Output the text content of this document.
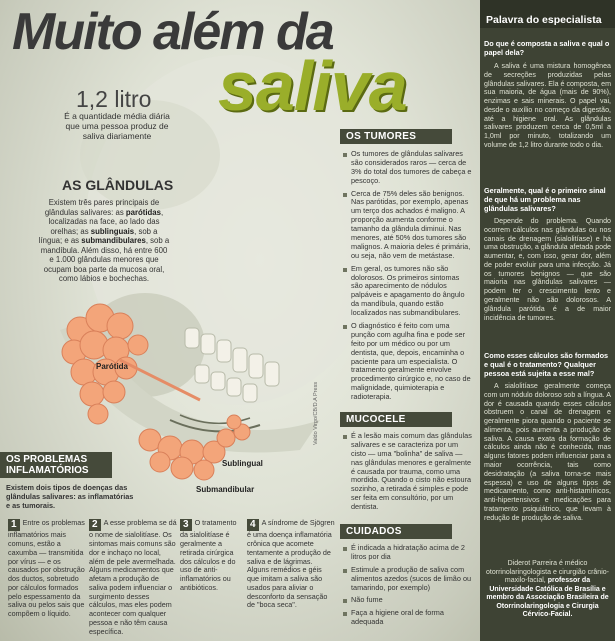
Muito além da
saliva
1,2 litro
É a quantidade média diária que uma pessoa produz de saliva diariamente
AS GLÂNDULAS
Existem três pares principais de glândulas salivares: as parótidas, localizadas na face, ao lado das orelhas; as sublinguais, sob a língua; e as submandibulares, sob a mandíbula. Além disso, há entre 600 e 1.000 glândulas menores que ocupam boa parte da mucosa oral, como lábios e bochechas.
Parótida
Sublingual
Submandibular
Valdo Virgo/CB/D.A Press
OS TUMORES
Os tumores de glândulas salivares são considerados raros — cerca de 3% do total dos tumores de cabeça e pescoço.
Cerca de 75% deles são benignos. Nas parótidas, por exemplo, apenas um terço dos achados é maligno. A proporção aumenta conforme o tamanho da glândula diminui. Nas menores, até 50% dos tumores são malignos. A maioria deles é primária, ou seja, não vem de metástase.
Em geral, os tumores não são dolorosos. Os primeiros sintomas são aparecimento de nódulos palpáveis e apagamento do ângulo da mandíbula, quando estão localizados nas submandibulares.
O diagnóstico é feito com uma punção com agulha fina e pode ser feito por um médico ou por um dentista, que, depois, encaminha o paciente para um especialista. O tratamento geralmente envolve procedimento cirúrgico e, no caso de malignidade, quimioterapia e radioterapia.
MUCOCELE
É a lesão mais comum das glândulas salivares e se caracteriza por um cisto — uma "bolinha" de saliva — nas glândulas menores e geralmente é causada por trauma, como uma mordida. Quando o cisto não estoura sozinho, a retirada é simples e pode ser feita em consultório, por um dentista.
CUIDADOS
É indicada a hidratação acima de 2 litros por dia
Estimule a produção de saliva com alimentos azedos (sucos de limão ou tamarindo, por exemplo)
Não fume
Faça a higiene oral de forma adequada
OS PROBLEMAS INFLAMATÓRIOS
Existem dois tipos de doenças das glândulas salivares: as inflamatórias e as tumorais.
1 Entre os problemas inflamatórios mais comuns, estão a caxumba — transmitida por vírus — e os causados por obstrução dos ductos, sobretudo por cálculos formados pelo espessamento da saliva ou pelos sais que compõem o líquido.
2 A esse problema se dá o nome de sialolitíase. Os sintomas mais comuns são dor e inchaço no local, além de pele avermelhada. Alguns medicamentos que afetam a produção de saliva podem influenciar o surgimento desses cálculos, mas eles podem acontecer com qualquer pessoa e não têm causa específica.
3 O tratamento da sialolitíase é geralmente a retirada cirúrgica dos cálculos e do uso de anti-inflamatórios ou antibióticos.
4 A síndrome de Sjögren é uma doença inflamatória crônica que acomete tentamente a produção de saliva e de lágrimas. Alguns remédios e géis que imitam a saliva são usados para aliviar o desconforto da sensação de "boca seca".
Palavra do especialista

Do que é composta a saliva e qual o papel dela?

A saliva é uma mistura homogênea de secreções produzidas pelas glândulas salivares. Ela é composta, em sua maioria, de água (mais de 90%), enzimas e sais minerais. O papel vai, desde o auxílio no começo da digestão, até a higiene oral. As glândulas salivares produzem cerca de 0,5ml a 1,0ml por minuto, totalizando um volume de 1,2 litro durante todo o dia.

Geralmente, qual é o primeiro sinal de que há um problema nas glândulas salivares?

Depende do problema. Quando ocorrem cálculos nas glândulas ou nos canais de drenagem (sialolitíase) e há uma obstrução, a glândula afetada pode aumentar, e, com isso, gerar dor, além de poder evoluir para uma infecção. Já os tumores benignos — que são maioria nas glândulas salivares — podem ter o crescimento lento e geralmente não são dolorosos. A glândula parótida é a de maior incidência de tumores.

Como esses cálculos são formados e qual é o tratamento? Qualquer pessoa está sujeita a esse mal?

A sialolitíase geralmente começa com um nódulo doloroso sob a língua. A dor é causada quando esses cálculos obstruem o canal de drenagem e geralmente piora quando o paciente se alimenta, pois aumenta a produção de saliva. A causa exata da formação de cálculos ainda não é conhecida, mas alguns fatores podem influenciar para a maior ocorrência, tais como desidratação (a saliva torna-se mais espessa) e uso de alguns tipos de medicamento, como anti-histamínicos, anti-hipertensivos e medicações para tratamento psiquiátrico, que levam à redução de produção de saliva.

Diderot Parreira é médico otorrinolaringologista e cirurgião crânio-maxilo-facial, professor da Universidade Católica de Brasília e membro da Associação Brasileira de Otorrinolaringologia e Cirurgia Cérvico-Facial.
